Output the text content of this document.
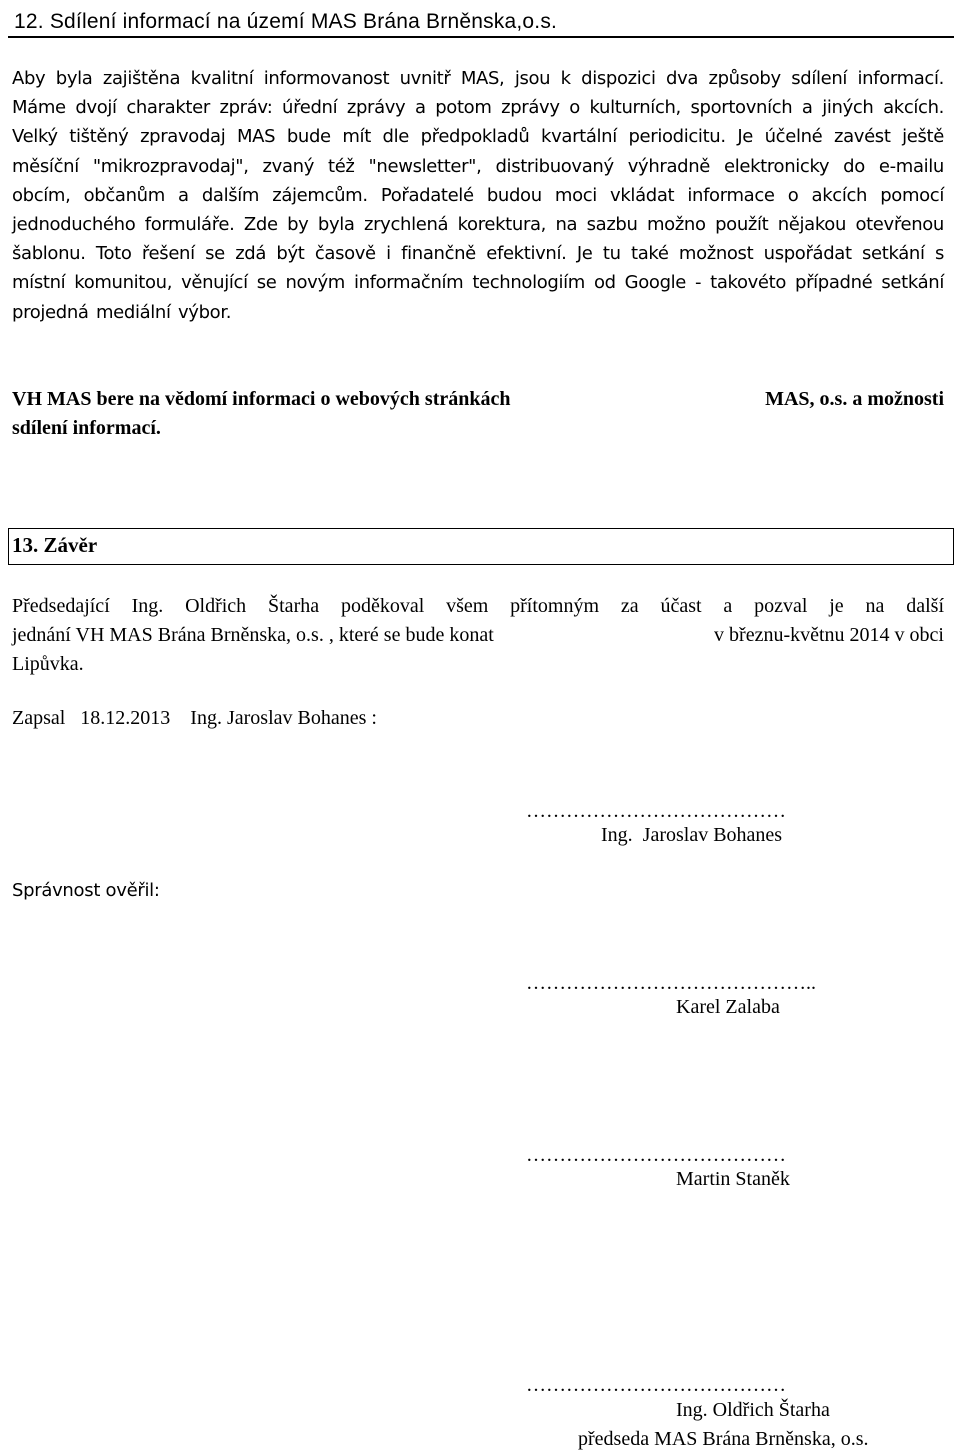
12. Sdílení informací na území MAS Brána Brněnska,o.s.
Aby byla zajištěna kvalitní informovanost uvnitř MAS, jsou k dispozici dva způsoby sdílení informací. Máme dvojí charakter zpráv: úřední zprávy a potom zprávy o kulturních, sportovních a jiných akcích. Velký tištěný zpravodaj MAS bude mít dle předpokladů kvartální periodicitu. Je účelné zavést ještě měsíční "mikrozpravodaj", zvaný též "newsletter", distribuovaný výhradně elektronicky do e-mailu obcím, občanům a dalším zájemcům. Pořadatelé budou moci vkládat informace o akcích pomocí jednoduchého formuláře. Zde by byla zrychlená korektura, na sazbu možno použít nějakou otevřenou šablonu. Toto řešení se zdá být časově i finančně efektivní. Je tu také možnost uspořádat setkání s místní komunitou, věnující se novým informačním technologiím od Google - takovéto případné setkání projedná mediální výbor.
VH MAS bere na vědomí informaci o webových stránkách	MAS, o.s. a možnosti
sdílení informací.
13. Závěr
Předsedající Ing. Oldřich Štarha poděkoval všem přítomným za účast a pozval je na další
jednání VH MAS Brána Brněnska, o.s. , které se bude konat	v březnu-květnu 2014 v obci
Lipůvka.
Zapsal   18.12.2013    Ing. Jaroslav Bohanes :
Správnost ověřil:
…………………………………
Ing.  Jaroslav Bohanes
……………………………………..
Karel Zalaba
…………………………………
Martin Staněk
…………………………………
Ing. Oldřich Štarha
předseda MAS Brána Brněnska, o.s.
